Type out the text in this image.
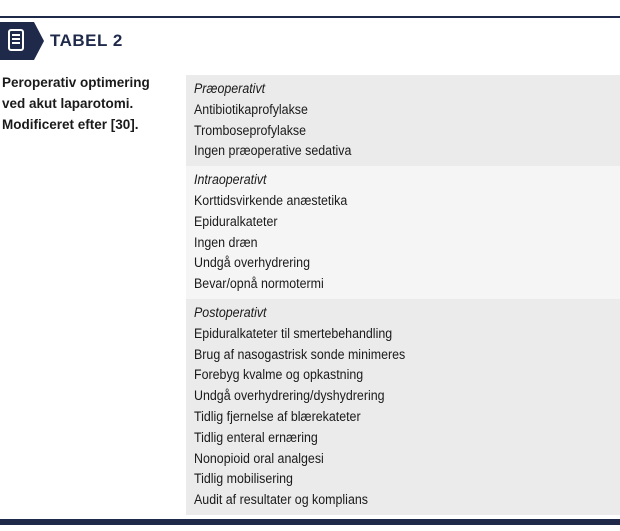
TABEL 2
Peroperativ optimering
ved akut laparotomi.
Modificeret efter [30].
Præoperativt
Antibiotikaprofylakse
Tromboseprofylakse
Ingen præoperative sedativa
Intraoperativt
Korttidsvirkende anæstetika
Epiduralkateter
Ingen dræn
Undgå overhydrering
Bevar/opnå normotermi
Postoperativt
Epiduralkateter til smertebehandling
Brug af nasogastrisk sonde minimeres
Forebyg kvalme og opkastning
Undgå overhydrering/dyshydrering
Tidlig fjernelse af blærekateter
Tidlig enteral ernæring
Nonopioid oral analgesi
Tidlig mobilisering
Audit af resultater og komplians
